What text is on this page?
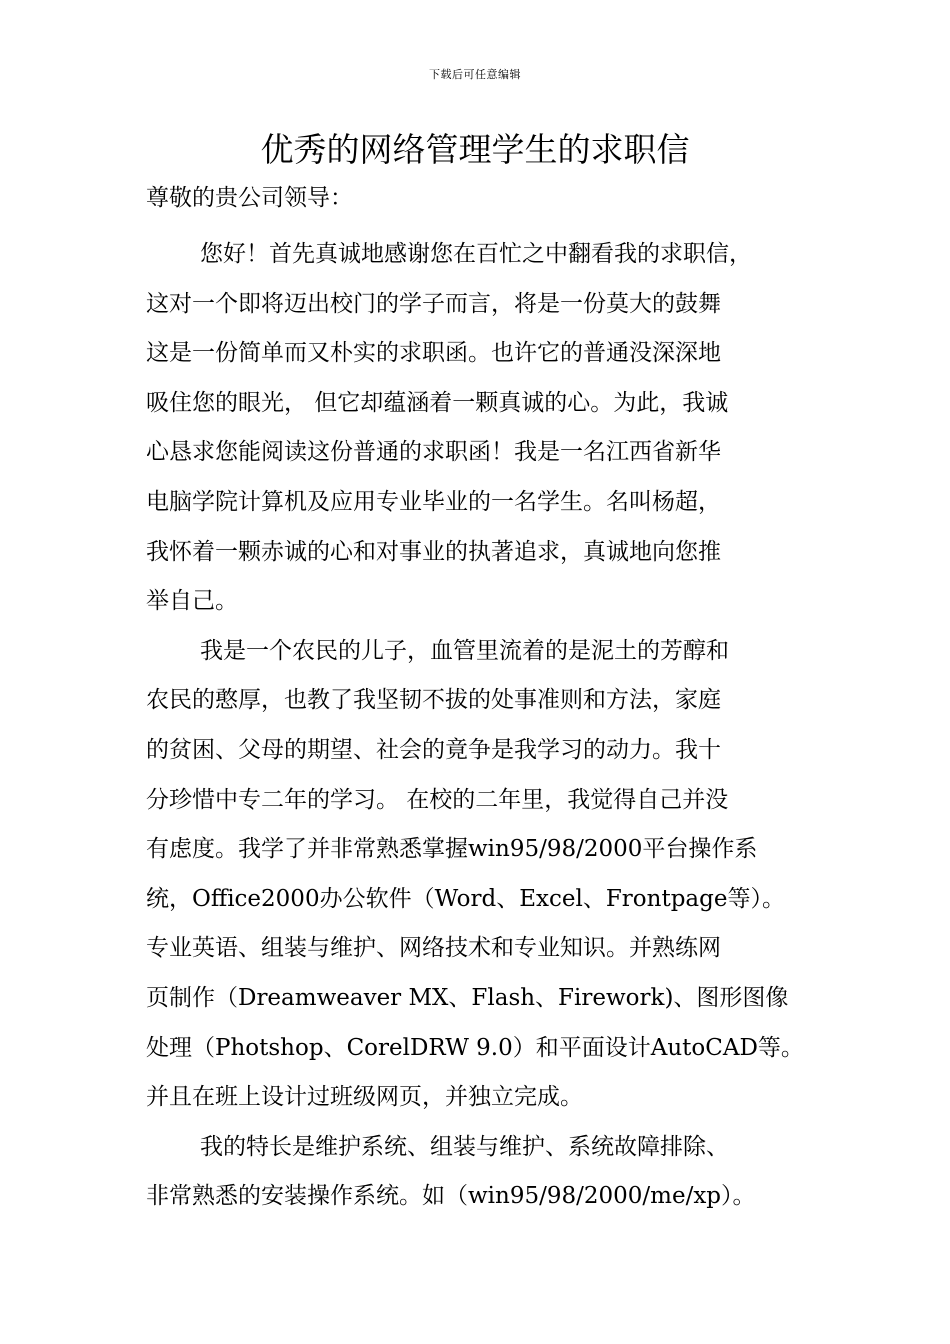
下载后可任意编辑
优秀的网络管理学生的求职信
尊敬的贵公司领导：

您好！首先真诚地感谢您在百忙之中翻看我的求职信，
这对一个即将迈出校门的学子而言，将是一份莫大的鼓舞
这是一份简单而又朴实的求职函。也许它的普通没深深地
吸住您的眼光， 但它却蕴涵着一颗真诚的心。为此，我诚
心恳求您能阅读这份普通的求职函！我是一名江西省新华
电脑学院计算机及应用专业毕业的一名学生。名叫杨超，
我怀着一颗赤诚的心和对事业的执著追求，真诚地向您推
举自己。

我是一个农民的儿子，血管里流着的是泥土的芳醇和
农民的憨厚，也教了我坚韧不拔的处事准则和方法，家庭
的贫困、父母的期望、社会的竟争是我学习的动力。我十
分珍惜中专二年的学习。 在校的二年里，我觉得自己并没
有虑度。我学了并非常熟悉掌握win95/98/2000平台操作系
统，Office2000办公软件（Word、Excel、Frontpage等）。
专业英语、组装与维护、网络技术和专业知识。并熟练网
页制作（Dreamweaver MX、Flash、Firework)、图形图像
处理（Photshop、CorelDRW 9.0）和平面设计AutoCAD等。
并且在班上设计过班级网页，并独立完成。

我的特长是维护系统、组装与维护、系统故障排除、
非常熟悉的安装操作系统。如（win95/98/2000/me/xp）。
